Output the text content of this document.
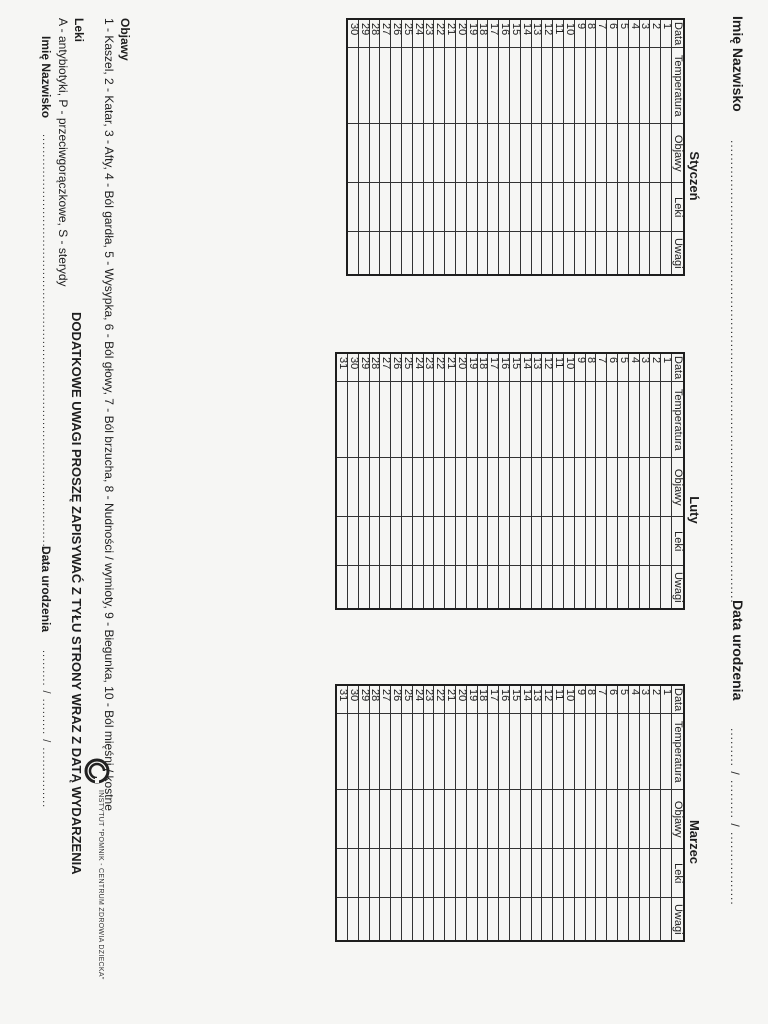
Imię Nazwisko
...........................................................................................................
Data urodzenia
......... / ......... / .................
Styczeń
Data	Temperatura	Objawy	Leki	Uwagi
1				
2				
3				
4				
5				
6				
7				
8				
9				
10				
11				
12				
13				
14				
15				
16				
17				
18				
19				
20				
21				
22				
23				
24				
25				
26				
27				
28				
29				
30				
Luty
Data	Temperatura	Objawy	Leki	Uwagi
1				
2				
3				
4				
5				
6				
7				
8				
9				
10				
11				
12				
13				
14				
15				
16				
17				
18				
19				
20				
21				
22				
23				
24				
25				
26				
27				
28				
29				
30				
31				
Marzec
Data	Temperatura	Objawy	Leki	Uwagi
1				
2				
3				
4				
5				
6				
7				
8				
9				
10				
11				
12				
13				
14				
15				
16				
17				
18				
19				
20				
21				
22				
23				
24				
25				
26				
27				
28				
29				
30				
31				
INSTYTUT "POMNIK - CENTRUM ZDROWIA DZIECKA"
DODATKOWE UWAGI PROSZĘ ZAPISYWAĆ Z TYŁU STRONY WRAZ Z DATĄ WYDARZENIA
Objawy
1 - Kaszel, 2 - Katar, 3 - Afty, 4 - Ból gardła, 5 - Wysypka, 6 - Ból głowy, 7 - Ból brzucha, 8 - Nudności / wymioty, 9 - Biegunka, 10 - Ból mięśni / kostne
Leki
A - antybiotyki, P - przeciwgorączkowe, S - sterydy
Imię Nazwisko
..........................................................................................................
Data urodzenia
......... / ......... / ...............
